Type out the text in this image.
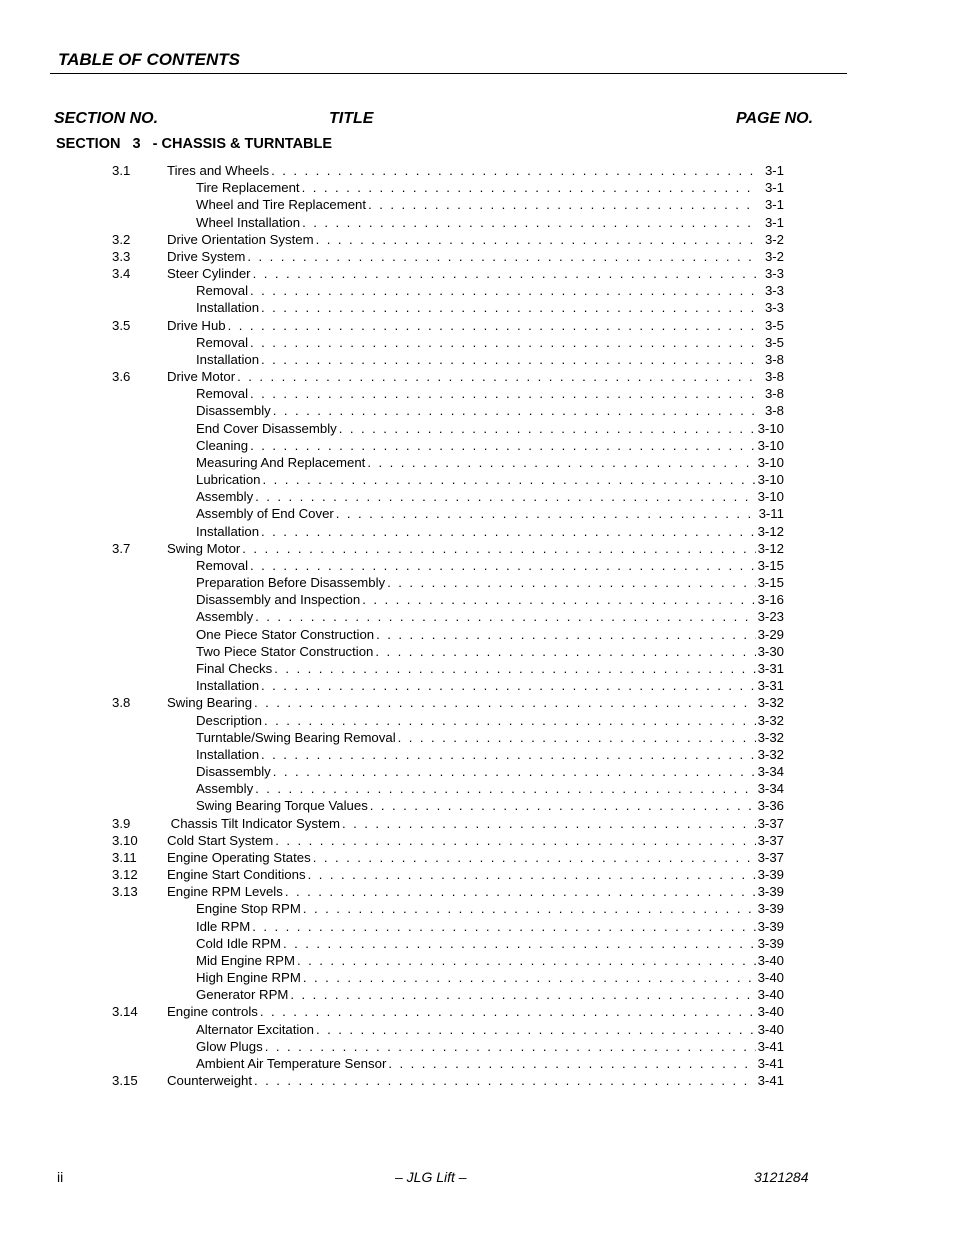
TABLE OF CONTENTS
SECTION NO.	TITLE	PAGE NO.
SECTION   3   - CHASSIS & TURNTABLE
3.1	Tires and Wheels . . .	3-1
Tire Replacement . . .	3-1
Wheel and Tire Replacement . . .	3-1
Wheel Installation . . .	3-1
3.2	Drive Orientation System . . .	3-2
3.3	Drive System . . .	3-2
3.4	Steer Cylinder . . .	3-3
Removal . . .	3-3
Installation . . .	3-3
3.5	Drive Hub . . .	3-5
Removal . . .	3-5
Installation . . .	3-8
3.6	Drive Motor . . .	3-8
Removal . . .	3-8
Disassembly . . .	3-8
End Cover Disassembly . . .	3-10
Cleaning . . .	3-10
Measuring And Replacement . . .	3-10
Lubrication . . .	3-10
Assembly . . .	3-10
Assembly of End Cover . . .	3-11
Installation . . .	3-12
3.7	Swing Motor . . .	3-12
Removal . . .	3-15
Preparation Before Disassembly . . .	3-15
Disassembly and Inspection . . .	3-16
Assembly . . .	3-23
One Piece Stator Construction . . .	3-29
Two Piece Stator Construction . . .	3-30
Final Checks . . .	3-31
Installation . . .	3-31
3.8	Swing Bearing . . .	3-32
Description . . .	3-32
Turntable/Swing Bearing Removal . . .	3-32
Installation . . .	3-32
Disassembly . . .	3-34
Assembly . . .	3-34
Swing Bearing Torque Values . . .	3-36
3.9	Chassis Tilt Indicator System . . .	3-37
3.10 Cold Start System . . .	3-37
3.11 Engine Operating States . . .	3-37
3.12 Engine Start Conditions . . .	3-39
3.13 Engine RPM Levels . . .	3-39
Engine Stop RPM . . .	3-39
Idle RPM . . .	3-39
Cold Idle RPM . . .	3-39
Mid Engine RPM . . .	3-40
High Engine RPM . . .	3-40
Generator RPM . . .	3-40
3.14 Engine controls . . .	3-40
Alternator Excitation . . .	3-40
Glow Plugs . . .	3-41
Ambient Air Temperature Sensor . . .	3-41
3.15 Counterweight . . .	3-41
ii	– JLG Lift –	3121284
